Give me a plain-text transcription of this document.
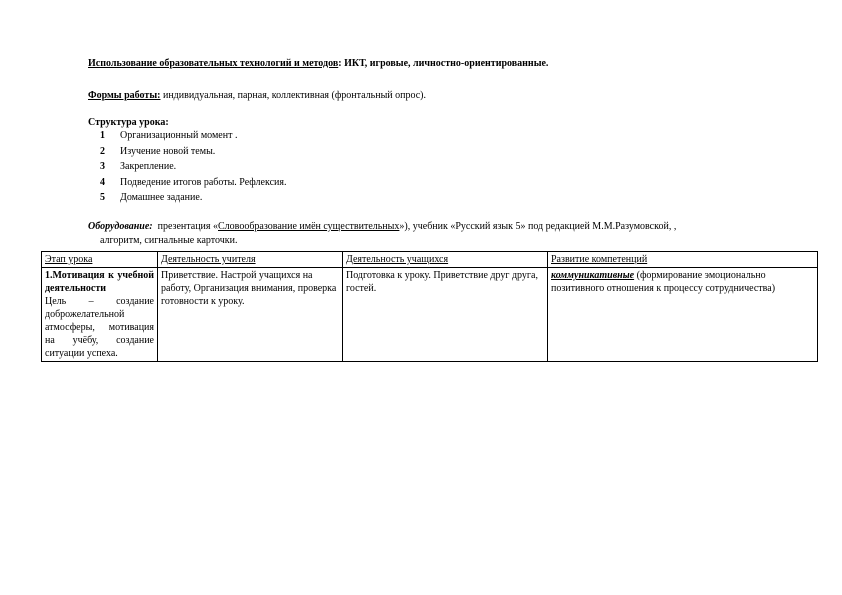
Использование образовательных технологий и методов: ИКТ, игровые, личностно-ориентированные.
Формы работы: индивидуальная, парная, коллективная (фронтальный опрос).
Структура урока:
1 Организационный момент .
2 Изучение новой темы.
3 Закрепление.
4 Подведение итогов работы. Рефлексия.
5 Домашнее задание.
Оборудование:  презентация «Словообразование имён существительных»), учебник «Русский язык 5» под редакцией М.М.Разумовской, ,
алгоритм, сигнальные карточки.
Этап урока	Деятельность учителя	Деятельность учащихся	Развитие компетенций

1.Мотивация к учебной деятельности
Цель – создание доброжелательной атмосферы, мотивация на учёбу, создание ситуации успеха.	Приветствие. Настрой учащихся на работу, Организация внимания, проверка готовности к уроку.	Подготовка к уроку. Приветствие друг друга, гостей.	коммуникативные (формирование эмоционально позитивного отношения к процессу сотрудничества)
